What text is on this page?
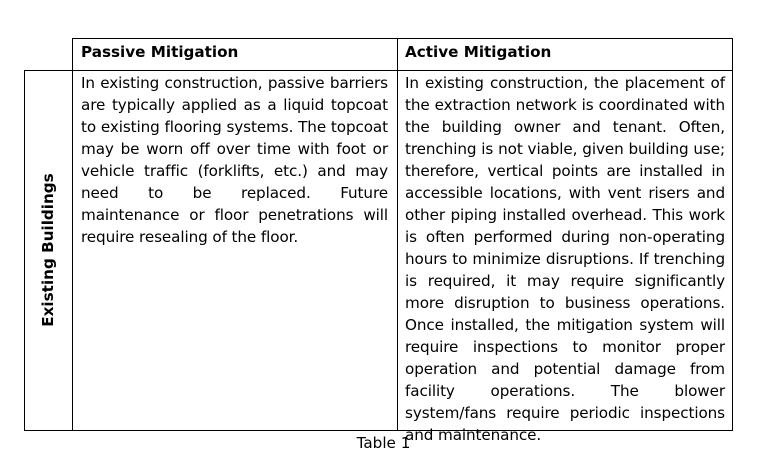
Passive Mitigation	Active Mitigation
Existing Buildings
In existing construction, passive barriers are typically applied as a liquid topcoat to existing flooring systems. The topcoat may be worn off over time with foot or vehicle traffic (forklifts, etc.) and may need to be replaced. Future maintenance or floor penetrations will require resealing of the floor.
In existing construction, the placement of the extraction network is coordinated with the building owner and tenant. Often, trenching is not viable, given building use; therefore, vertical points are installed in accessible locations, with vent risers and other piping installed overhead. This work is often performed during non-operating hours to minimize disruptions. If trenching is required, it may require significantly more disruption to business operations. Once installed, the mitigation system will require inspections to monitor proper operation and potential damage from facility operations. The blower system/fans require periodic inspections and maintenance.
Table 1
